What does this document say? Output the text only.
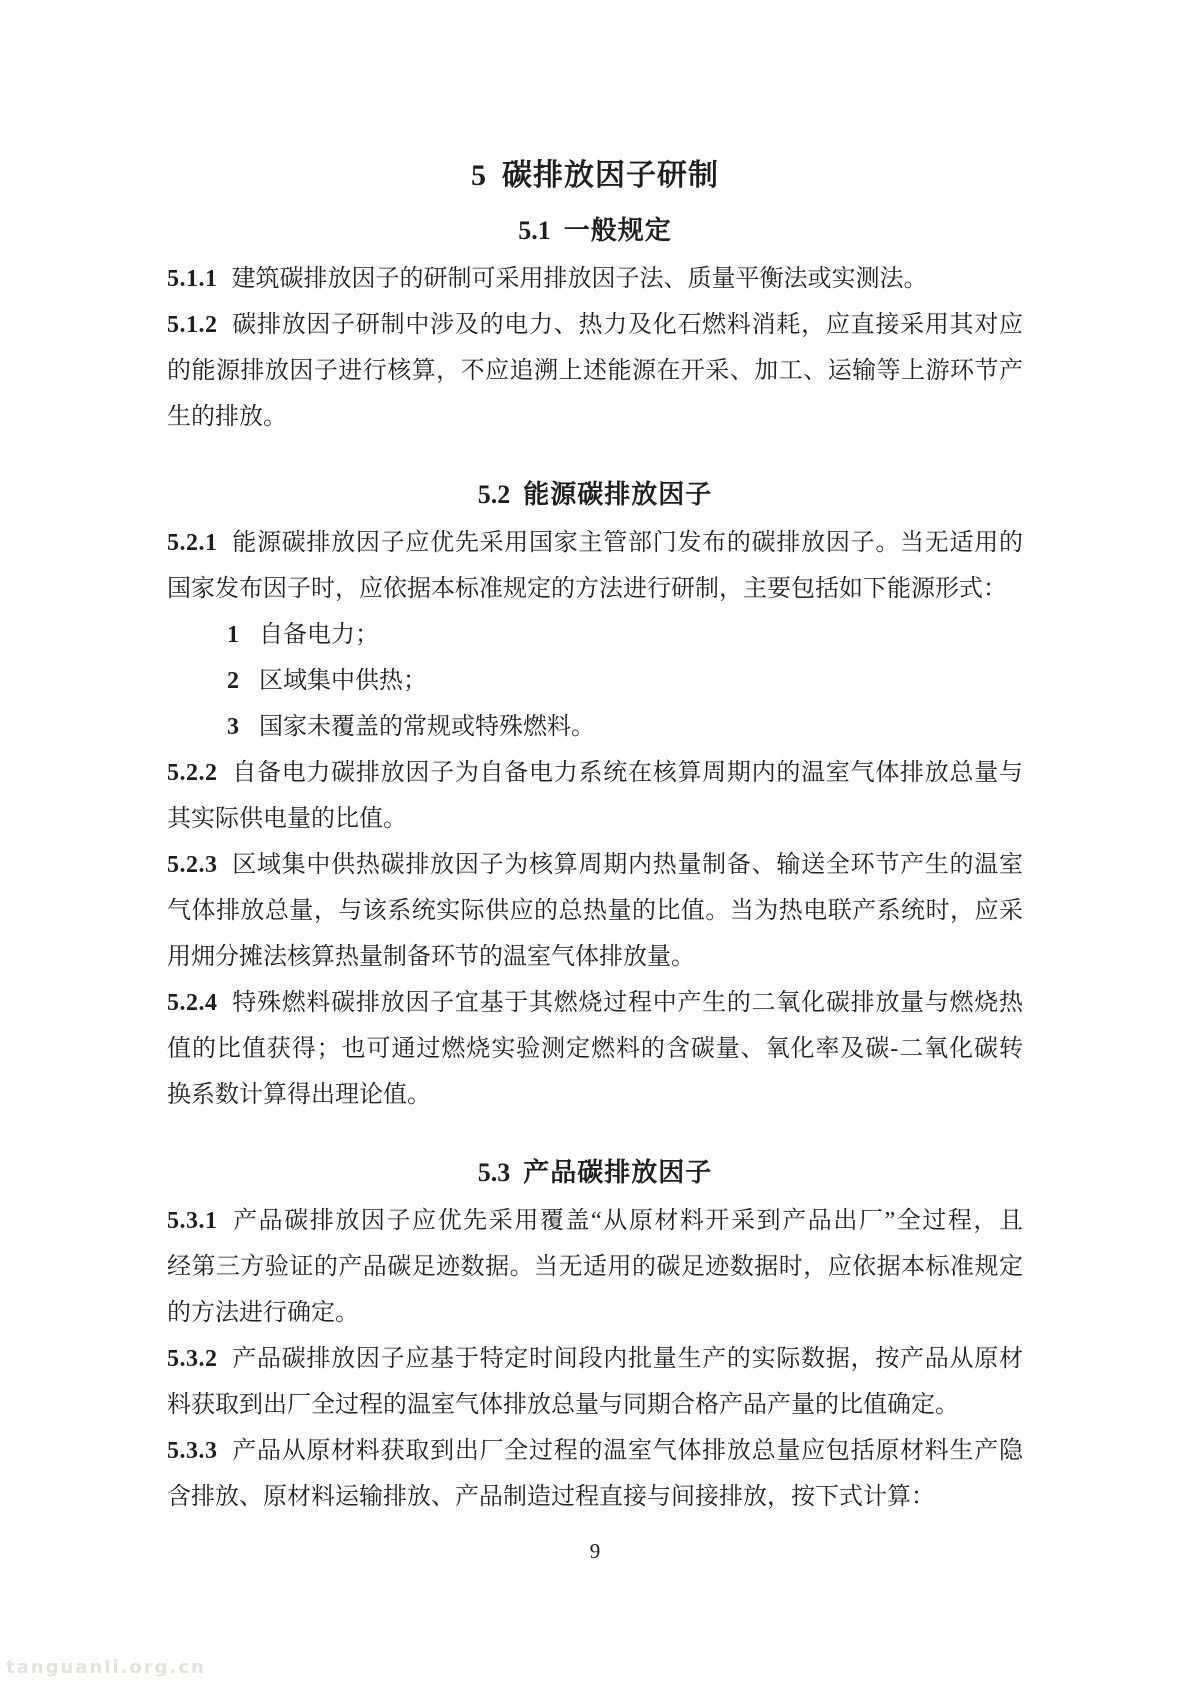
5 碳排放因子研制
5.1 一般规定
5.1.1 建筑碳排放因子的研制可采用排放因子法、质量平衡法或实测法。
5.1.2 碳排放因子研制中涉及的电力、热力及化石燃料消耗，应直接采用其对应
的能源排放因子进行核算，不应追溯上述能源在开采、加工、运输等上游环节产
生的排放。
5.2 能源碳排放因子
5.2.1 能源碳排放因子应优先采用国家主管部门发布的碳排放因子。当无适用的
国家发布因子时，应依据本标准规定的方法进行研制，主要包括如下能源形式：
1 自备电力；
2 区域集中供热；
3 国家未覆盖的常规或特殊燃料。
5.2.2 自备电力碳排放因子为自备电力系统在核算周期内的温室气体排放总量与
其实际供电量的比值。
5.2.3 区域集中供热碳排放因子为核算周期内热量制备、输送全环节产生的温室
气体排放总量，与该系统实际供应的总热量的比值。当为热电联产系统时，应采
用㶲分摊法核算热量制备环节的温室气体排放量。
5.2.4 特殊燃料碳排放因子宜基于其燃烧过程中产生的二氧化碳排放量与燃烧热
值的比值获得；也可通过燃烧实验测定燃料的含碳量、氧化率及碳-二氧化碳转
换系数计算得出理论值。
5.3 产品碳排放因子
5.3.1 产品碳排放因子应优先采用覆盖“从原材料开采到产品出厂”全过程，且
经第三方验证的产品碳足迹数据。当无适用的碳足迹数据时，应依据本标准规定
的方法进行确定。
5.3.2 产品碳排放因子应基于特定时间段内批量生产的实际数据，按产品从原材
料获取到出厂全过程的温室气体排放总量与同期合格产品产量的比值确定。
5.3.3 产品从原材料获取到出厂全过程的温室气体排放总量应包括原材料生产隐
含排放、原材料运输排放、产品制造过程直接与间接排放，按下式计算：
9
tanguanli.org.cn
